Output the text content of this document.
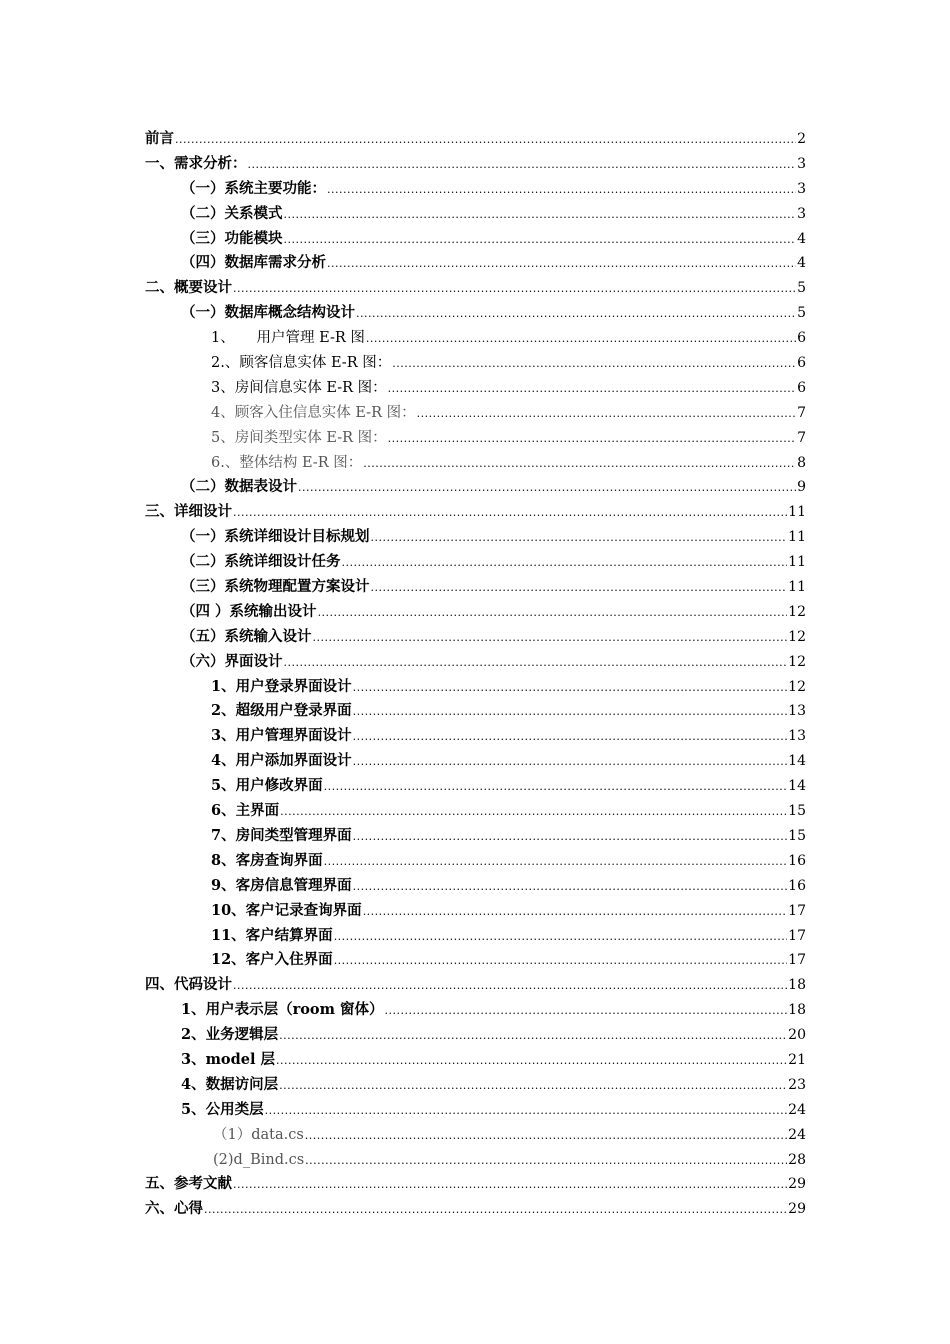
前言 .....	2
一、需求分析： .....	3
（一）系统主要功能： .....	3
（二）关系模式 .....	3
（三）功能模块 .....	4
（四）数据库需求分析 .....	4
二、概要设计 .....	5
（一）数据库概念结构设计 .....	5
1、　　用户管理 E-R 图 .....	6
2.、顾客信息实体 E-R 图： .....	6
3、房间信息实体 E-R 图： .....	6
4、顾客入住信息实体 E-R 图： .....	7
5、房间类型实体 E-R 图： .....	7
6.、整体结构 E-R 图： .....	8
（二）数据表设计 .....	9
三、详细设计 .....	11
（一）系统详细设计目标规划 .....	11
（二）系统详细设计任务 .....	11
（三）系统物理配置方案设计 .....	11
（四 ）系统输出设计 .....	12
（五）系统输入设计 .....	12
（六）界面设计 .....	12
1、用户登录界面设计 .....	12
2、超级用户登录界面 .....	13
3、用户管理界面设计 .....	13
4、用户添加界面设计 .....	14
5、用户修改界面 .....	14
6、主界面 .....	15
7、房间类型管理界面 .....	15
8、客房查询界面 .....	16
9、客房信息管理界面 .....	16
10、客户记录查询界面 .....	17
11、客户结算界面 .....	17
12、客户入住界面 .....	17
四、代码设计 .....	18
1、用户表示层（room 窗体） .....	18
2、业务逻辑层 .....	20
3、model 层 .....	21
4、数据访问层 .....	23
5、公用类层 .....	24
（1）data.cs .....	24
(2)d_Bind.cs .....	28
五、参考文献 .....	29
六、心得 .....	29
